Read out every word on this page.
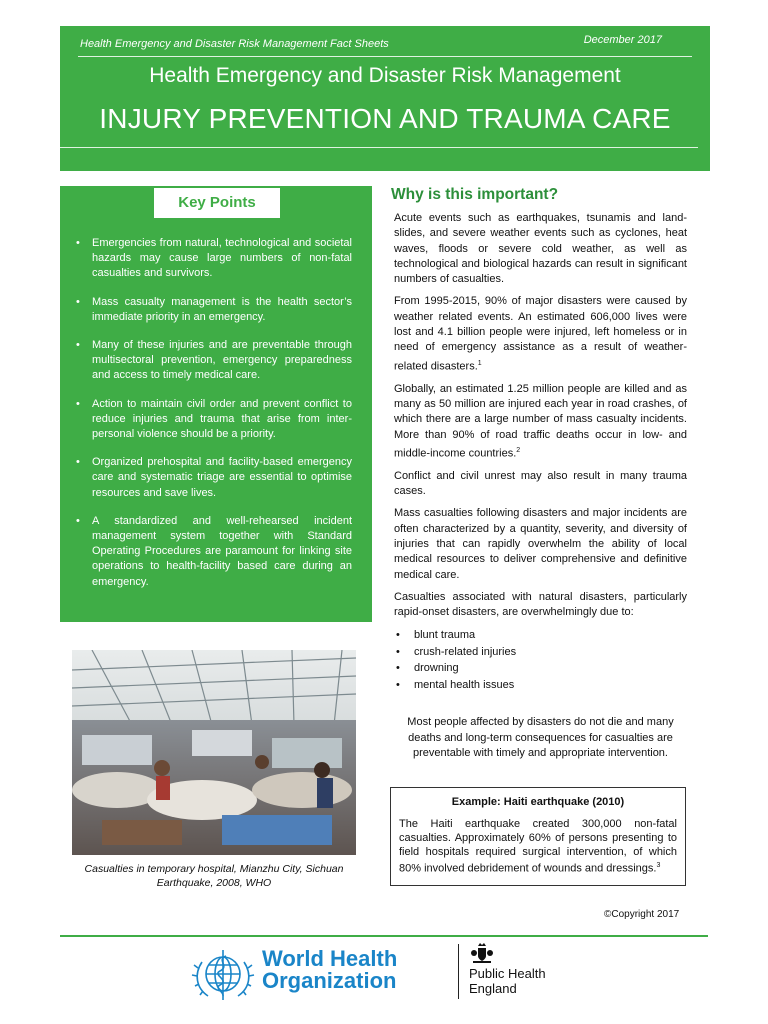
Health Emergency and Disaster Risk Management Fact Sheets	December 2017
Health Emergency and Disaster Risk Management
INJURY PREVENTION AND TRAUMA CARE
Key Points
• Emergencies from natural, technological and societal hazards may cause large numbers of non-fatal casualties and survivors.
• Mass casualty management is the health sector’s immediate priority in an emergency.
• Many of these injuries and are preventable through multisectoral prevention, emergency preparedness and access to timely medical care.
• Action to maintain civil order and prevent conflict to reduce injuries and trauma that arise from inter-personal violence should be a priority.
• Organized prehospital and facility-based emergency care and systematic triage are essential to optimise resources and save lives.
• A standardized and well-rehearsed incident management system together with Standard Operating Procedures are paramount for linking site operations to health-facility based care during an emergency.
Casualties in temporary hospital, Mianzhu City, Sichuan Earthquake, 2008, WHO
Why is this important?

Acute events such as earthquakes, tsunamis and land-slides, and severe weather events such as cyclones, heat waves, floods or severe cold weather, as well as technological and biological hazards can result in significant numbers of casualties.

From 1995-2015, 90% of major disasters were caused by weather related events. An estimated 606,000 lives were lost and 4.1 billion people were injured, left homeless or in need of emergency assistance as a result of weather-related disasters.$^1$

Globally, an estimated 1.25 million people are killed and as many as 50 million are injured each year in road crashes, of which there are a large number of mass casualty incidents. More than 90% of road traffic deaths occur in low- and middle-income countries.$^2$

Conflict and civil unrest may also result in many trauma cases.

Mass casualties following disasters and major incidents are often characterized by a quantity, severity, and diversity of injuries that can rapidly overwhelm the ability of local medical resources to deliver comprehensive and definitive medical care.

Casualties associated with natural disasters, particularly rapid-onset disasters, are overwhelmingly due to:

• blunt trauma
• crush-related injuries
• drowning
• mental health issues

Most people affected by disasters do not die and many deaths and long-term consequences for casualties are preventable with timely and appropriate intervention.

Example: Haiti earthquake (2010)
The Haiti earthquake created 300,000 non-fatal casualties. Approximately 60% of persons presenting to field hospitals required surgical intervention, of which 80% involved debridement of wounds and dressings.$^3$
©Copyright 2017
World Health
Organization	Public Health
England
